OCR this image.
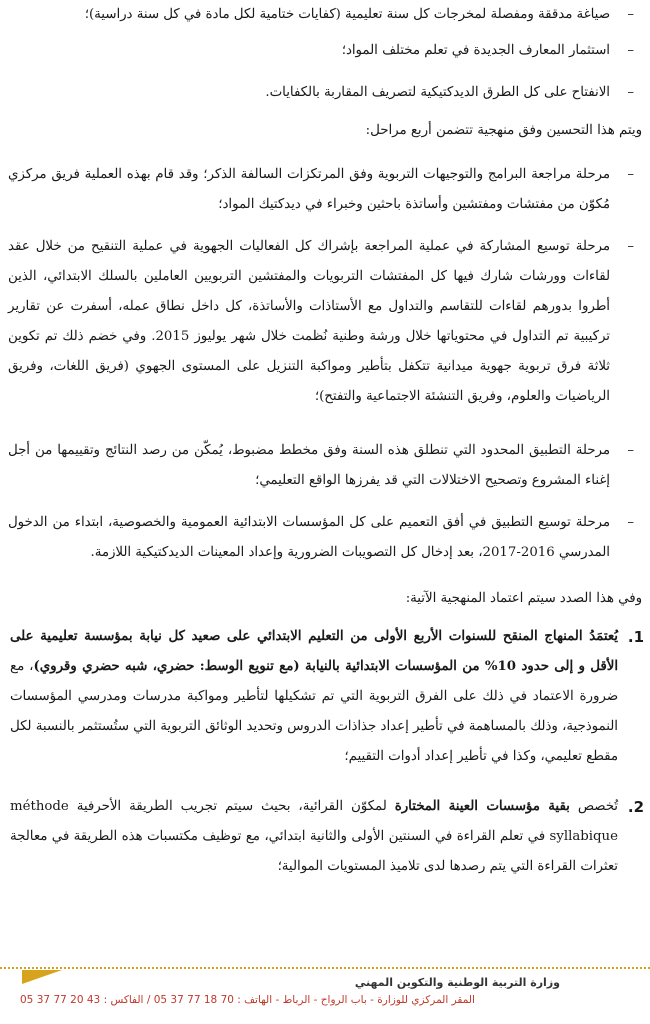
– صياغة مدققة ومفصلة لمخرجات كل سنة تعليمية (كفايات ختامية لكل مادة في كل سنة دراسية)؛

– استثمار المعارف الجديدة في تعلم مختلف المواد؛

– الانفتاح على كل الطرق الديدكتيكية لتصريف المقاربة بالكفايات.

ويتم هذا التحسين وفق منهجية تتضمن أربع مراحل:

– مرحلة مراجعة البرامج والتوجيهات التربوية وفق المرتكزات السالفة الذكر؛ وقد قام بهذه العملية فريق مركزي مُكوّن من مفتشات ومفتشين وأساتذة باحثين وخبراء في ديدكتيك المواد؛

– مرحلة توسيع المشاركة في عملية المراجعة بإشراك كل الفعاليات الجهوية في عملية التنقيح من خلال عقد لقاءات وورشات شارك فيها كل المفتشات التربويات والمفتشين التربويين العاملين بالسلك الابتدائي، الذين أطروا بدورهم لقاءات للتقاسم والتداول مع الأستاذات والأساتذة، كل داخل نطاق عمله، أسفرت عن تقارير تركيبية تم التداول في محتوياتها خلال ورشة وطنية نُظمت خلال شهر يوليوز 2015. وفي خضم ذلك تم تكوين ثلاثة فرق تربوية جهوية ميدانية تتكفل بتأطير ومواكبة التنزيل على المستوى الجهوي (فريق اللغات، وفريق الرياضيات والعلوم، وفريق التنشئة الاجتماعية والتفتح)؛

– مرحلة التطبيق المحدود التي تنطلق هذه السنة وفق مخطط مضبوط، يُمكّن من رصد النتائج وتقييمها من أجل إغناء المشروع وتصحيح الاختلالات التي قد يفرزها الواقع التعليمي؛

– مرحلة توسيع التطبيق في أفق التعميم على كل المؤسسات الابتدائية العمومية والخصوصية، ابتداء من الدخول المدرسي 2016-2017، بعد إدخال كل التصويبات الضرورية وإعداد المعينات الديدكتيكية اللازمة.

وفي هذا الصدد سيتم اعتماد المنهجية الآتية:

1.
يُعتمَدُ المنهاج المنقح للسنوات الأربع الأولى من التعليم الابتدائي على صعيد كل نيابة بمؤسسة تعليمية على الأقل و إلى حدود 10% من المؤسسات الابتدائية بالنيابة (مع تنويع الوسط: حضري، شبه حضري وقروي)، مع ضرورة الاعتماد في ذلك على الفرق التربوية التي تم تشكيلها لتأطير ومواكبة مدرسات ومدرسي المؤسسات النموذجية، وذلك بالمساهمة في تأطير إعداد جذاذات الدروس وتحديد الوثائق التربوية التي ستُستثمر بالنسبة لكل مقطع تعليمي، وكذا في تأطير إعداد أدوات التقييم؛
2.
تُخصص بقية مؤسسات العينة المختارة لمكوّن القرائية، بحيث سيتم تجريب الطريقة الأحرفية méthode syllabique في تعلم القراءة في السنتين الأولى والثانية ابتدائي، مع توظيف مكتسبات هذه الطريقة في معالجة تعثرات القراءة التي يتم رصدها لدى تلاميذ المستويات الموالية؛

وزارة التربية الوطنية والتكوين المهني

المقر المركزي للوزارة - باب الرواح - الرباط - الهاتف : 70 18 77 37 05 / الفاكس : 43 20 77 37 05
